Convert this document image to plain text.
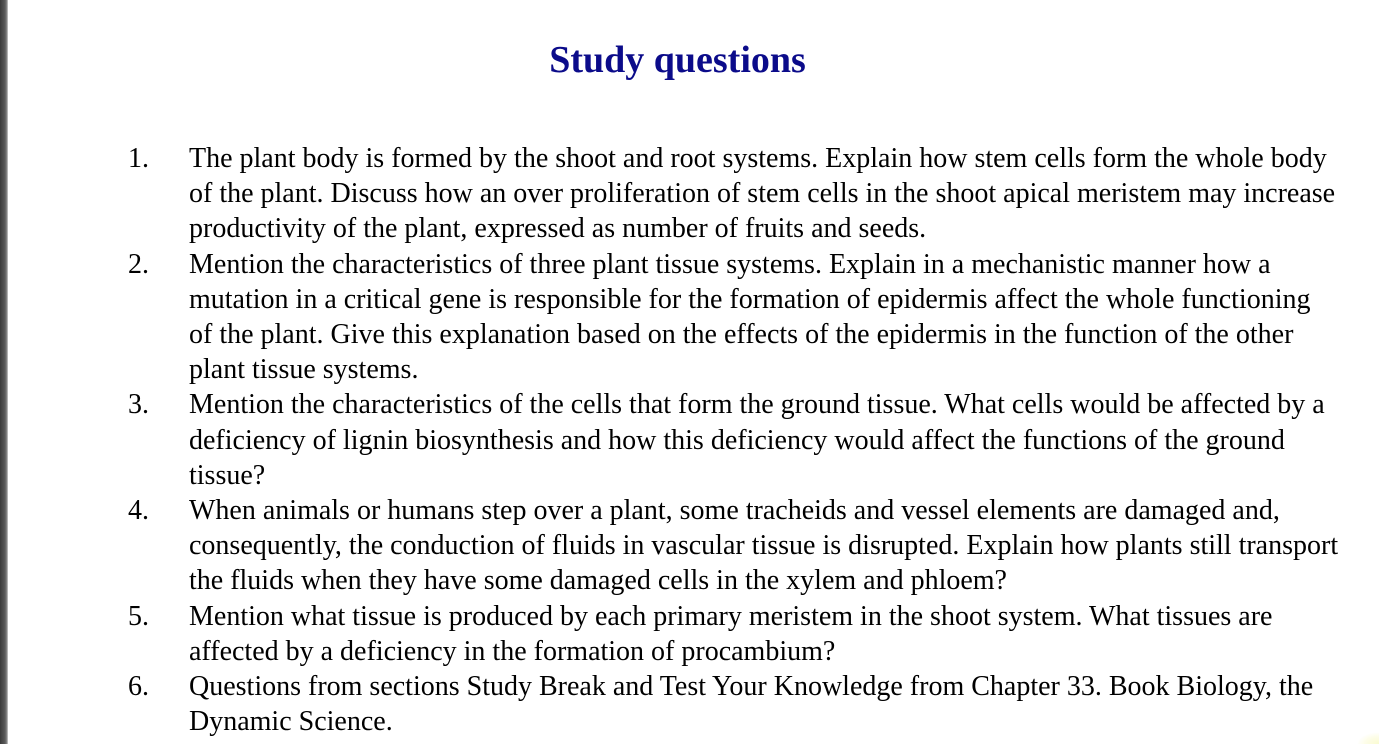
Study questions
1. The plant body is formed by the shoot and root systems. Explain how stem cells form the whole body of the plant. Discuss how an over proliferation of stem cells in the shoot apical meristem may increase productivity of the plant, expressed as number of fruits and seeds.
2. Mention the characteristics of three plant tissue systems. Explain in a mechanistic manner how a mutation in a critical gene is responsible for the formation of epidermis affect the whole functioning of the plant. Give this explanation based on the effects of the epidermis in the function of the other plant tissue systems.
3. Mention the characteristics of the cells that form the ground tissue. What cells would be affected by a deficiency of lignin biosynthesis and how this deficiency would affect the functions of the ground tissue?
4. When animals or humans step over a plant, some tracheids and vessel elements are damaged and, consequently, the conduction of fluids in vascular tissue is disrupted. Explain how plants still transport the fluids when they have some damaged cells in the xylem and phloem?
5. Mention what tissue is produced by each primary meristem in the shoot system. What tissues are affected by a deficiency in the formation of procambium?
6. Questions from sections Study Break and Test Your Knowledge from Chapter 33. Book Biology, the Dynamic Science.
